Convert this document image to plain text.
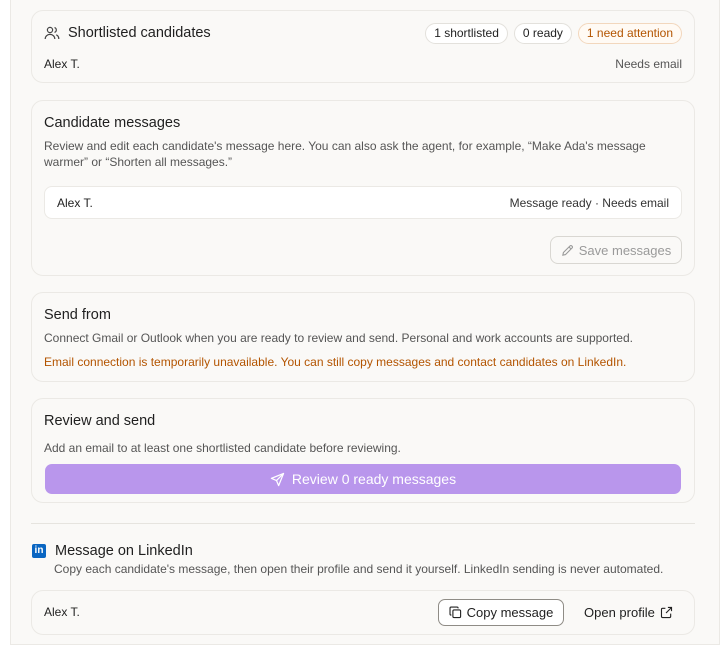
Shortlisted candidates	1 shortlisted	0 ready	1 need attention
Alex T.	Needs email
Candidate messages
Review and edit each candidate's message here. You can also ask the agent, for example, “Make Ada's message warmer” or “Shorten all messages.”
Alex T.	Message ready · Needs email
Save messages
Send from
Connect Gmail or Outlook when you are ready to review and send. Personal and work accounts are supported.
Email connection is temporarily unavailable. You can still copy messages and contact candidates on LinkedIn.
Review and send
Add an email to at least one shortlisted candidate before reviewing.
Review 0 ready messages
in Message on LinkedIn
Copy each candidate's message, then open their profile and send it yourself. LinkedIn sending is never automated.
Alex T.	Copy message Open profile
